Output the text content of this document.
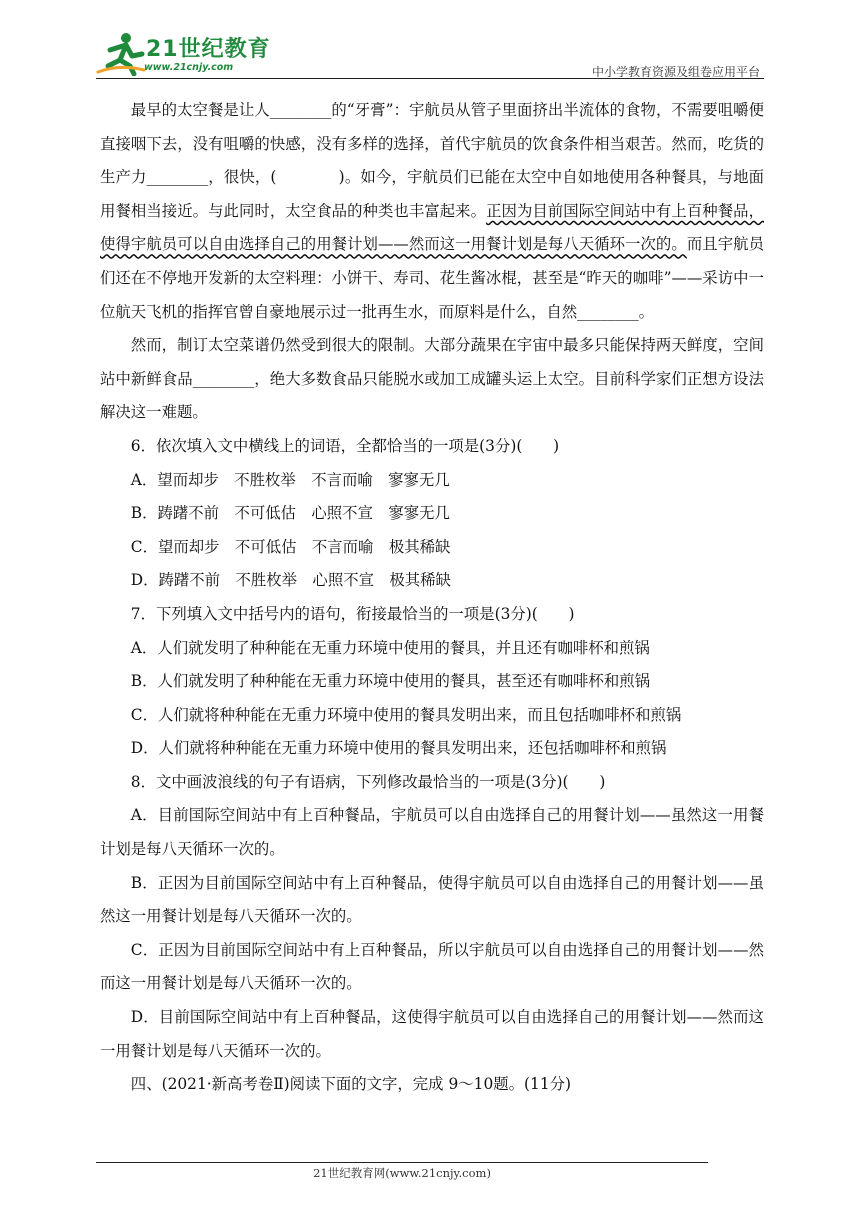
21世纪教育
www.21cnjy.com	中小学教育资源及组卷应用平台

最早的太空餐是让人________的“牙膏”：宇航员从管子里面挤出半流体的食物，不需要咀嚼便直接咽下去，没有咀嚼的快感，没有多样的选择，首代宇航员的饮食条件相当艰苦。然而，吃货的生产力________，很快，(　　　　)。如今，宇航员们已能在太空中自如地使用各种餐具，与地面用餐相当接近。与此同时，太空食品的种类也丰富起来。正因为目前国际空间站中有上百种餐品，使得宇航员可以自由选择自己的用餐计划——然而这一用餐计划是每八天循环一次的。而且宇航员们还在不停地开发新的太空料理：小饼干、寿司、花生酱冰棍，甚至是“昨天的咖啡”——采访中一位航天飞机的指挥官曾自豪地展示过一批再生水，而原料是什么，自然________。

然而，制订太空菜谱仍然受到很大的限制。大部分蔬果在宇宙中最多只能保持两天鲜度，空间站中新鲜食品________，绝大多数食品只能脱水或加工成罐头运上太空。目前科学家们正想方设法解决这一难题。

6．依次填入文中横线上的词语，全都恰当的一项是(3分)(　　)

A．望而却步　不胜枚举　不言而喻　寥寥无几

B．踌躇不前　不可低估　心照不宣　寥寥无几

C．望而却步　不可低估　不言而喻　极其稀缺

D．踌躇不前　不胜枚举　心照不宣　极其稀缺

7．下列填入文中括号内的语句，衔接最恰当的一项是(3分)(　　)

A．人们就发明了种种能在无重力环境中使用的餐具，并且还有咖啡杯和煎锅

B．人们就发明了种种能在无重力环境中使用的餐具，甚至还有咖啡杯和煎锅

C．人们就将种种能在无重力环境中使用的餐具发明出来，而且包括咖啡杯和煎锅

D．人们就将种种能在无重力环境中使用的餐具发明出来，还包括咖啡杯和煎锅

8．文中画波浪线的句子有语病，下列修改最恰当的一项是(3分)(　　)

A．目前国际空间站中有上百种餐品，宇航员可以自由选择自己的用餐计划——虽然这一用餐计划是每八天循环一次的。

B．正因为目前国际空间站中有上百种餐品，使得宇航员可以自由选择自己的用餐计划——虽然这一用餐计划是每八天循环一次的。

C．正因为目前国际空间站中有上百种餐品，所以宇航员可以自由选择自己的用餐计划——然而这一用餐计划是每八天循环一次的。

D．目前国际空间站中有上百种餐品，这使得宇航员可以自由选择自己的用餐计划——然而这一用餐计划是每八天循环一次的。

四、(2021·新高考卷Ⅱ)阅读下面的文字，完成 9～10题。(11分)

21世纪教育网(www.21cnjy.com)
